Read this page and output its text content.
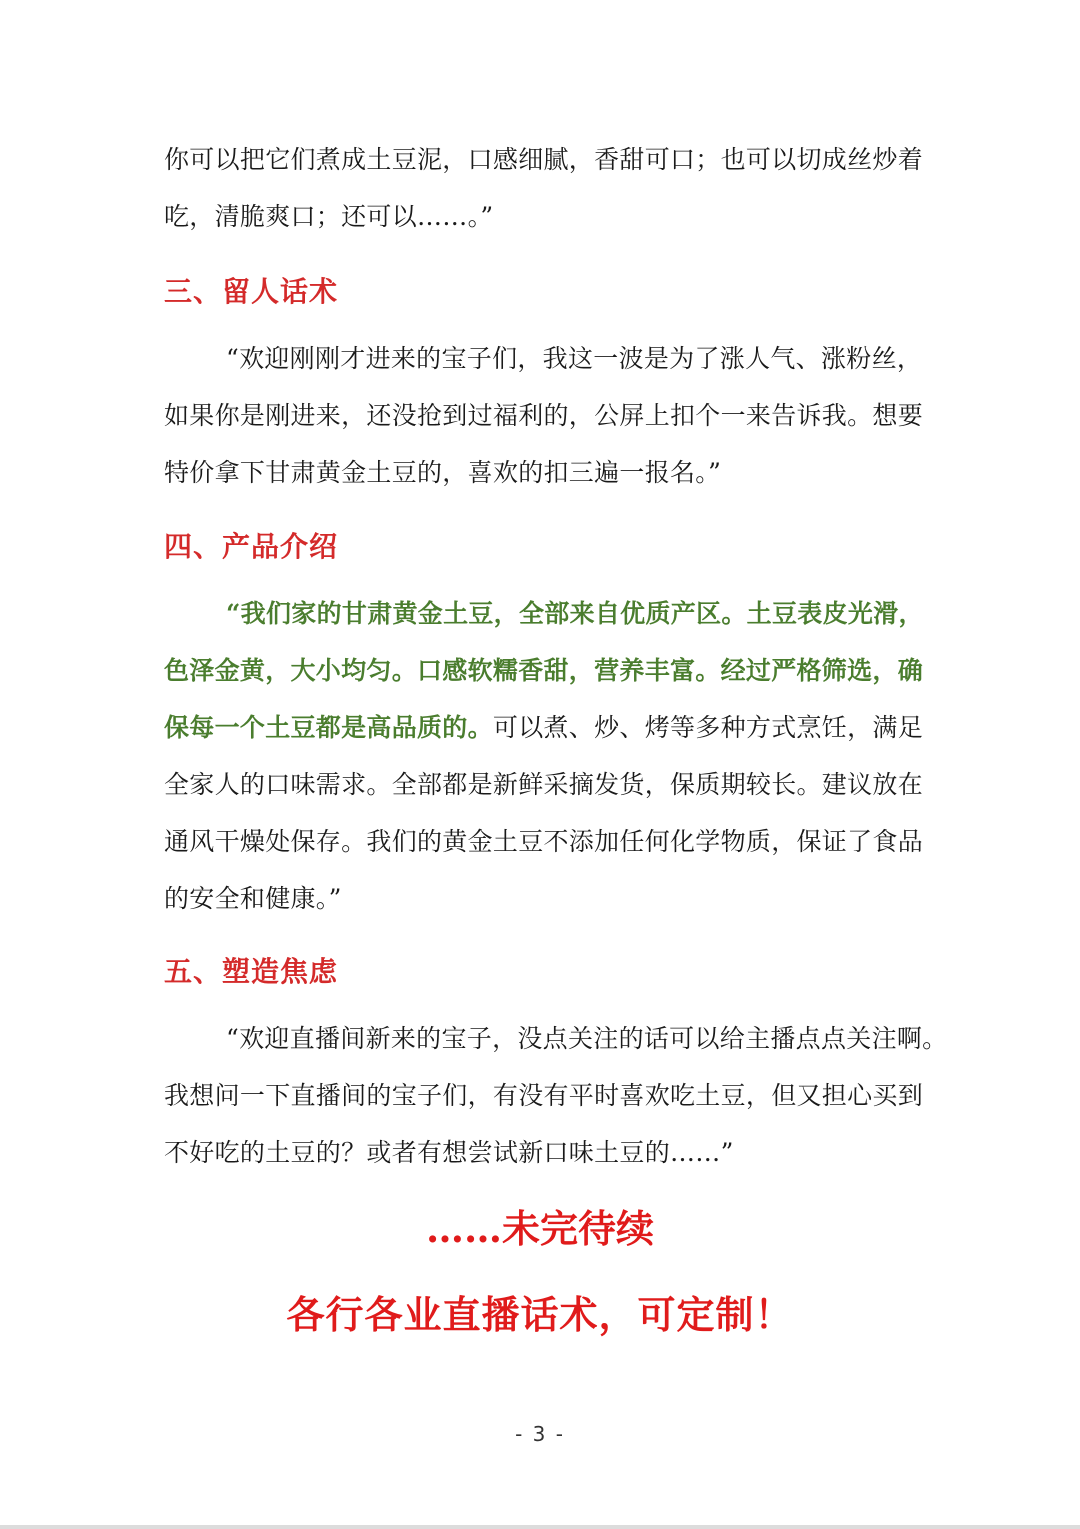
你可以把它们煮成土豆泥，口感细腻，香甜可口；也可以切成丝炒着
吃，清脆爽口；还可以……。”

三、留人话术

“欢迎刚刚才进来的宝子们，我这一波是为了涨人气、涨粉丝，
如果你是刚进来，还没抢到过福利的，公屏上扣个一来告诉我。想要
特价拿下甘肃黄金土豆的，喜欢的扣三遍一报名。”

四、产品介绍

“我们家的甘肃黄金土豆，全部来自优质产区。土豆表皮光滑，
色泽金黄，大小均匀。口感软糯香甜，营养丰富。经过严格筛选，确
保每一个土豆都是高品质的。可以煮、炒、烤等多种方式烹饪，满足
全家人的口味需求。全部都是新鲜采摘发货，保质期较长。建议放在
通风干燥处保存。我们的黄金土豆不添加任何化学物质，保证了食品
的安全和健康。”

五、塑造焦虑

“欢迎直播间新来的宝子，没点关注的话可以给主播点点关注啊。
我想问一下直播间的宝子们，有没有平时喜欢吃土豆，但又担心买到
不好吃的土豆的？或者有想尝试新口味土豆的……”

……未完待续

各行各业直播话术，可定制！

- 3 -
